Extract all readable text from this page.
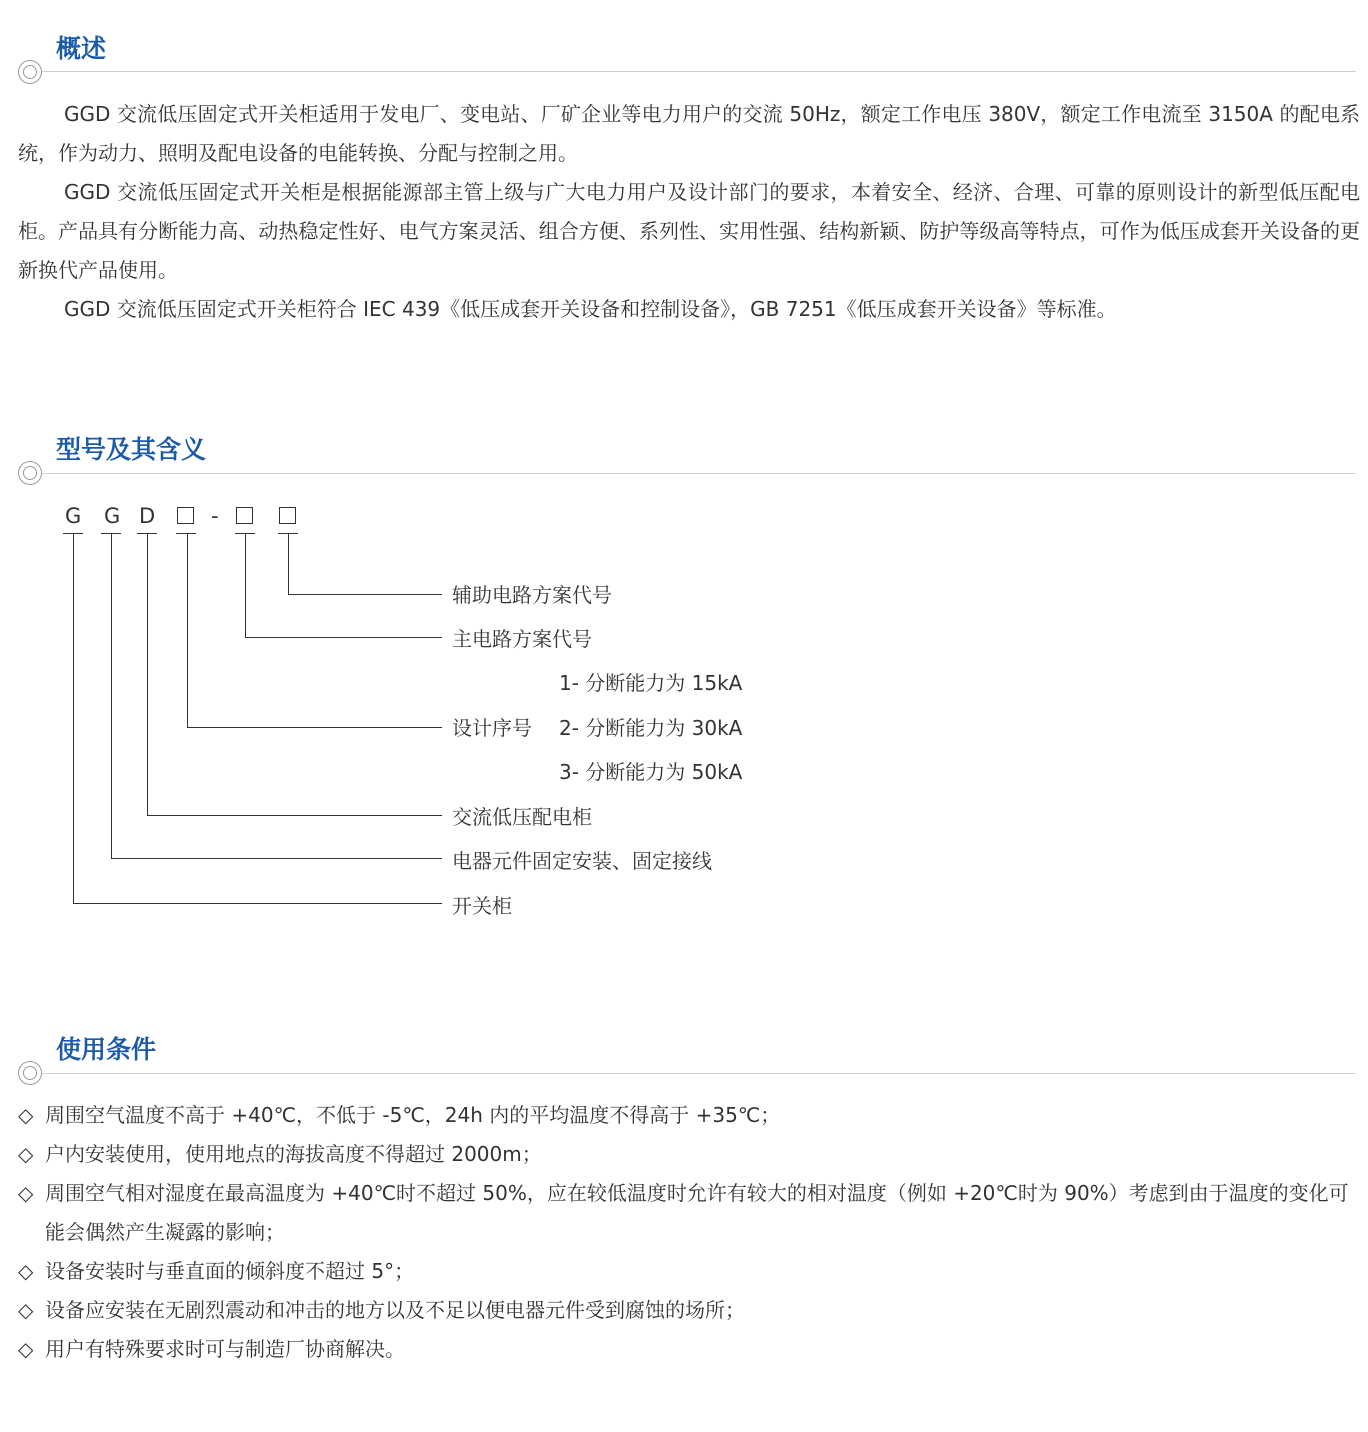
概述

GGD 交流低压固定式开关柜适用于发电厂、变电站、厂矿企业等电力用户的交流 50Hz，额定工作电压 380V，额定工作电流至 3150A 的配电系统，作为动力、照明及配电设备的电能转换、分配与控制之用。

GGD 交流低压固定式开关柜是根据能源部主管上级与广大电力用户及设计部门的要求，本着安全、经济、合理、可靠的原则设计的新型低压配电柜。产品具有分断能力高、动热稳定性好、电气方案灵活、组合方便、系列性、实用性强、结构新颖、防护等级高等特点，可作为低压成套开关设备的更新换代产品使用。

GGD 交流低压固定式开关柜符合 IEC 439《低压成套开关设备和控制设备》，GB 7251《低压成套开关设备》等标准。

型号及其含义
G G D	-
辅助电路方案代号
主电路方案代号
1- 分断能力为 15kA
设计序号 2- 分断能力为 30kA
3- 分断能力为 50kA
交流低压配电柜
电器元件固定安装、固定接线
开关柜
使用条件
◇ 周围空气温度不高于 +40℃，不低于 -5℃，24h 内的平均温度不得高于 +35℃；
◇ 户内安装使用，使用地点的海拔高度不得超过 2000m；
◇ 周围空气相对湿度在最高温度为 +40℃时不超过 50%，应在较低温度时允许有较大的相对温度（例如 +20℃时为 90%）考虑到由于温度的变化可能会偶然产生凝露的影响；
◇ 设备安装时与垂直面的倾斜度不超过 5°；
◇ 设备应安装在无剧烈震动和冲击的地方以及不足以便电器元件受到腐蚀的场所；
◇ 用户有特殊要求时可与制造厂协商解决。
